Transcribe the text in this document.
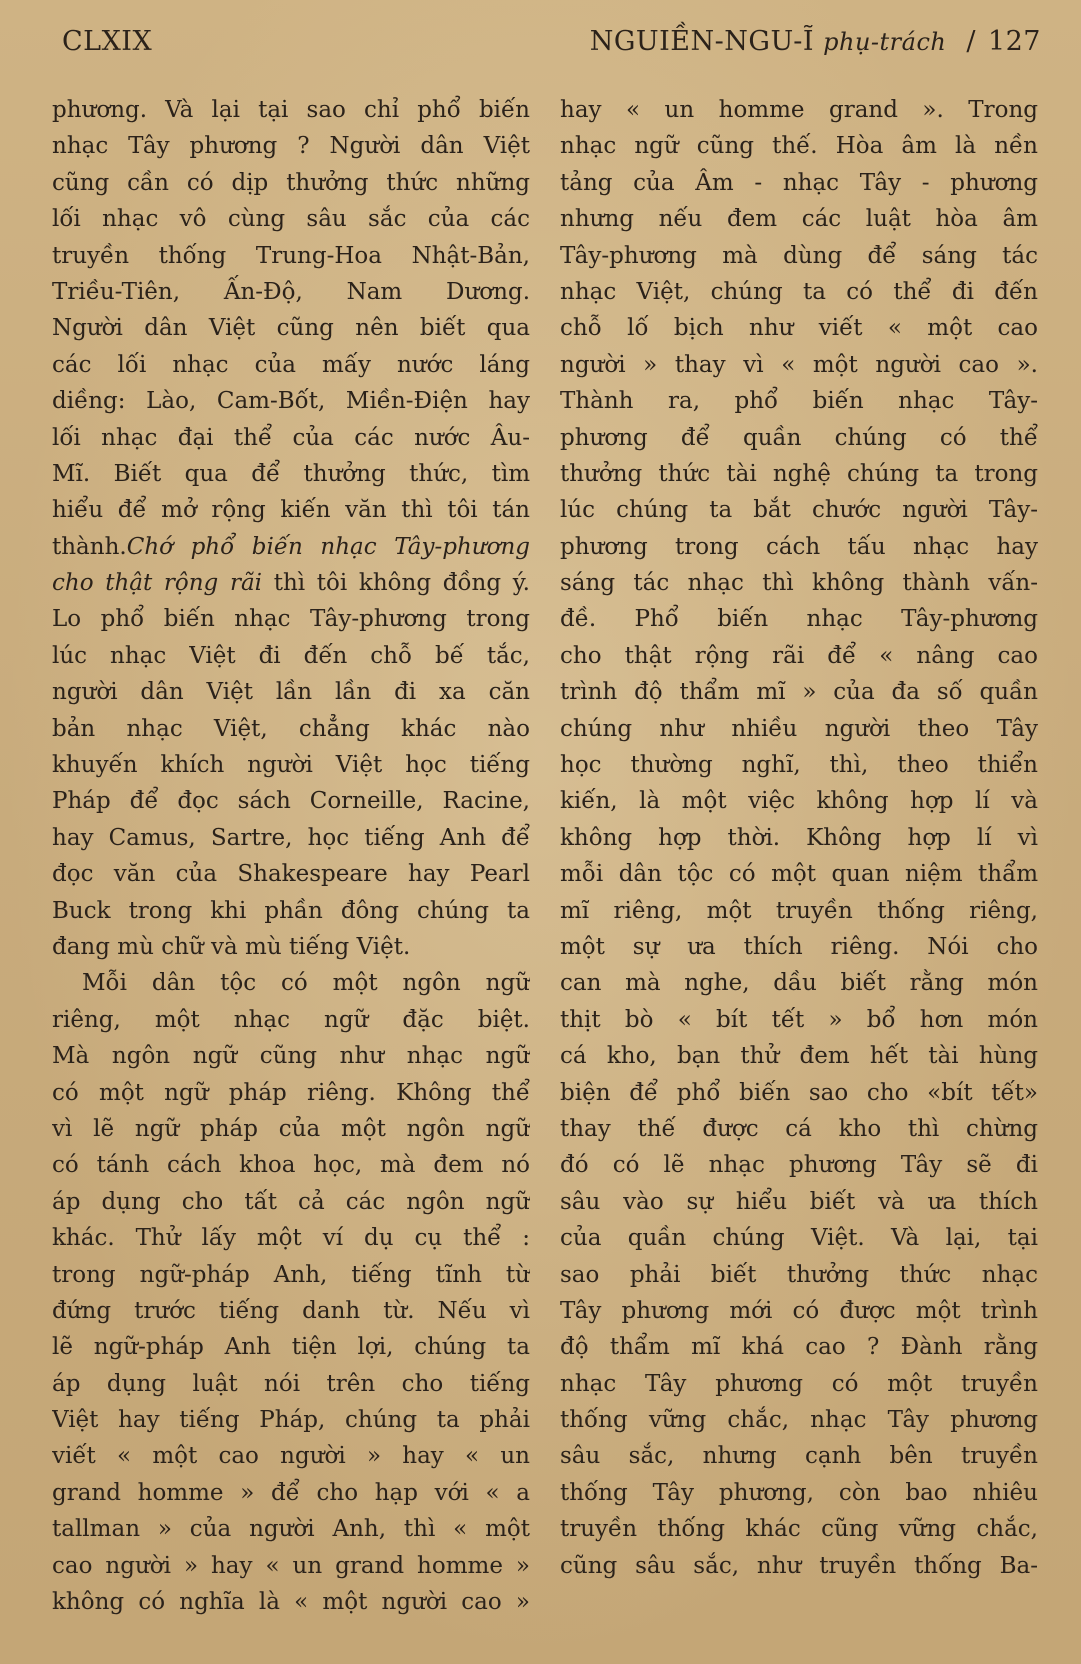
CLXIX	NGUIỀN-NGU-Ĩ phụ-trách / 127
phương. Và lại tại sao chỉ phổ biến
nhạc Tây phương ? Người dân Việt
cũng cần có dịp thưởng thức những
lối nhạc vô cùng sâu sắc của các
truyền thống Trung-Hoa Nhật-Bản,
Triều-Tiên, Ấn-Độ, Nam Dương.
Người dân Việt cũng nên biết qua
các lối nhạc của mấy nước láng
diềng: Lào, Cam-Bốt, Miền-Điện hay
lối nhạc đại thể của các nước Âu-
Mĩ. Biết qua để thưởng thức, tìm
hiểu để mở rộng kiến văn thì tôi tán
thành.Chớ phổ biến nhạc Tây-phương
cho thật rộng rãi thì tôi không đồng ý.
Lo phổ biến nhạc Tây-phương trong
lúc nhạc Việt đi đến chỗ bế tắc,
người dân Việt lần lần đi xa căn
bản nhạc Việt, chẳng khác nào
khuyến khích người Việt học tiếng
Pháp để đọc sách Corneille, Racine,
hay Camus, Sartre, học tiếng Anh để
đọc văn của Shakespeare hay Pearl
Buck trong khi phần đông chúng ta
đang mù chữ và mù tiếng Việt.
Mỗi dân tộc có một ngôn ngữ
riêng, một nhạc ngữ đặc biệt.
Mà ngôn ngữ cũng như nhạc ngữ
có một ngữ pháp riêng. Không thể
vì lẽ ngữ pháp của một ngôn ngữ
có tánh cách khoa học, mà đem nó
áp dụng cho tất cả các ngôn ngữ
khác. Thử lấy một ví dụ cụ thể :
trong ngữ-pháp Anh, tiếng tĩnh từ
đứng trước tiếng danh từ. Nếu vì
lẽ ngữ-pháp Anh tiện lợi, chúng ta
áp dụng luật nói trên cho tiếng
Việt hay tiếng Pháp, chúng ta phải
viết « một cao người » hay « un
grand homme » để cho hạp với « a
tallman » của người Anh, thì « một
cao người » hay « un grand homme »
không có nghĩa là « một người cao »
hay « un homme grand ». Trong
nhạc ngữ cũng thế. Hòa âm là nền
tảng của Âm - nhạc Tây - phương
nhưng nếu đem các luật hòa âm
Tây-phương mà dùng để sáng tác
nhạc Việt, chúng ta có thể đi đến
chỗ lố bịch như viết « một cao
người » thay vì « một người cao ».
Thành ra, phổ biến nhạc Tây-
phương để quần chúng có thể
thưởng thức tài nghệ chúng ta trong
lúc chúng ta bắt chước người Tây-
phương trong cách tấu nhạc hay
sáng tác nhạc thì không thành vấn-
đề. Phổ biến nhạc Tây-phương
cho thật rộng rãi để « nâng cao
trình độ thẩm mĩ » của đa số quần
chúng như nhiều người theo Tây
học thường nghĩ, thì, theo thiển
kiến, là một việc không hợp lí và
không hợp thời. Không hợp lí vì
mỗi dân tộc có một quan niệm thẩm
mĩ riêng, một truyền thống riêng,
một sự ưa thích riêng. Nói cho
can mà nghe, dầu biết rằng món
thịt bò « bít tết » bổ hơn món
cá kho, bạn thử đem hết tài hùng
biện để phổ biến sao cho «bít tết»
thay thế được cá kho thì chừng
đó có lẽ nhạc phương Tây sẽ đi
sâu vào sự hiểu biết và ưa thích
của quần chúng Việt. Và lại, tại
sao phải biết thưởng thức nhạc
Tây phương mới có được một trình
độ thẩm mĩ khá cao ? Đành rằng
nhạc Tây phương có một truyền
thống vững chắc, nhạc Tây phương
sâu sắc, nhưng cạnh bên truyền
thống Tây phương, còn bao nhiêu
truyền thống khác cũng vững chắc,
cũng sâu sắc, như truyền thống Ba-
